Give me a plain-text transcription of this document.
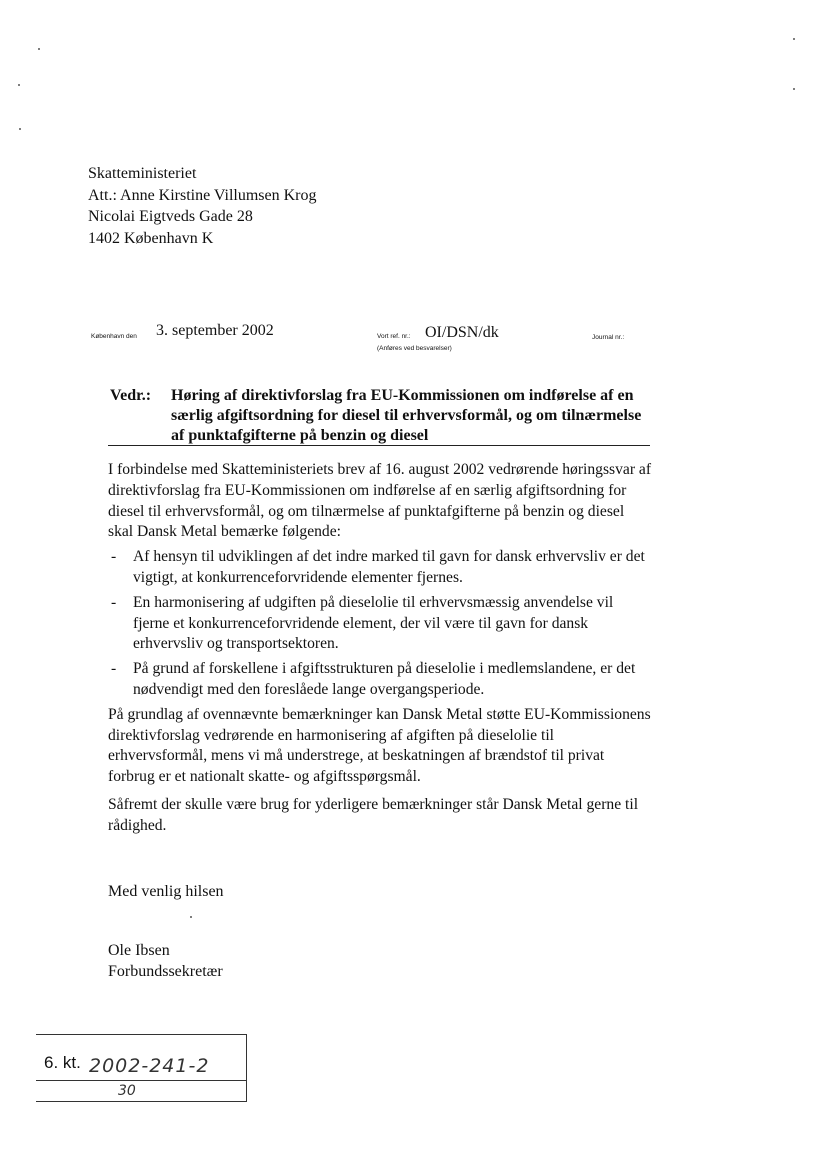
Skatteministeriet
Att.: Anne Kirstine Villumsen Krog
Nicolai Eigtveds Gade 28
1402 København K
København den 3. september 2002	Vort ref. nr.: OI/DSN/dk
(Anføres ved besvarelser)
Journal nr.:
Vedr.: Høring af direktivforslag fra EU-Kommissionen om indførelse af en særlig afgiftsordning for diesel til erhvervsformål, og om tilnærmelse af punktafgifterne på benzin og diesel

I forbindelse med Skatteministeriets brev af 16. august 2002 vedrørende høringssvar af direktivforslag fra EU-Kommissionen om indførelse af en særlig afgiftsordning for diesel til erhvervsformål, og om tilnærmelse af punktafgifterne på benzin og diesel skal Dansk Metal bemærke følgende:

- Af hensyn til udviklingen af det indre marked til gavn for dansk erhvervsliv er det vigtigt, at konkurrenceforvridende elementer fjernes.
- En harmonisering af udgiften på dieselolie til erhvervsmæssig anvendelse vil fjerne et konkurrenceforvridende element, der vil være til gavn for dansk erhvervsliv og transportsektoren.
- På grund af forskellene i afgiftsstrukturen på dieselolie i medlemslandene, er det nødvendigt med den foreslåede lange overgangsperiode.

På grundlag af ovennævnte bemærkninger kan Dansk Metal støtte EU-Kommissionens direktivforslag vedrørende en harmonisering af afgiften på dieselolie til erhvervsformål, mens vi må understrege, at beskatningen af brændstof til privat forbrug er et nationalt skatte- og afgiftsspørgsmål.

Såfremt der skulle være brug for yderligere bemærkninger står Dansk Metal gerne til rådighed.

Med venlig hilsen
Ole Ibsen
Forbundssekretær
6. kt. 2002-241-2
30
